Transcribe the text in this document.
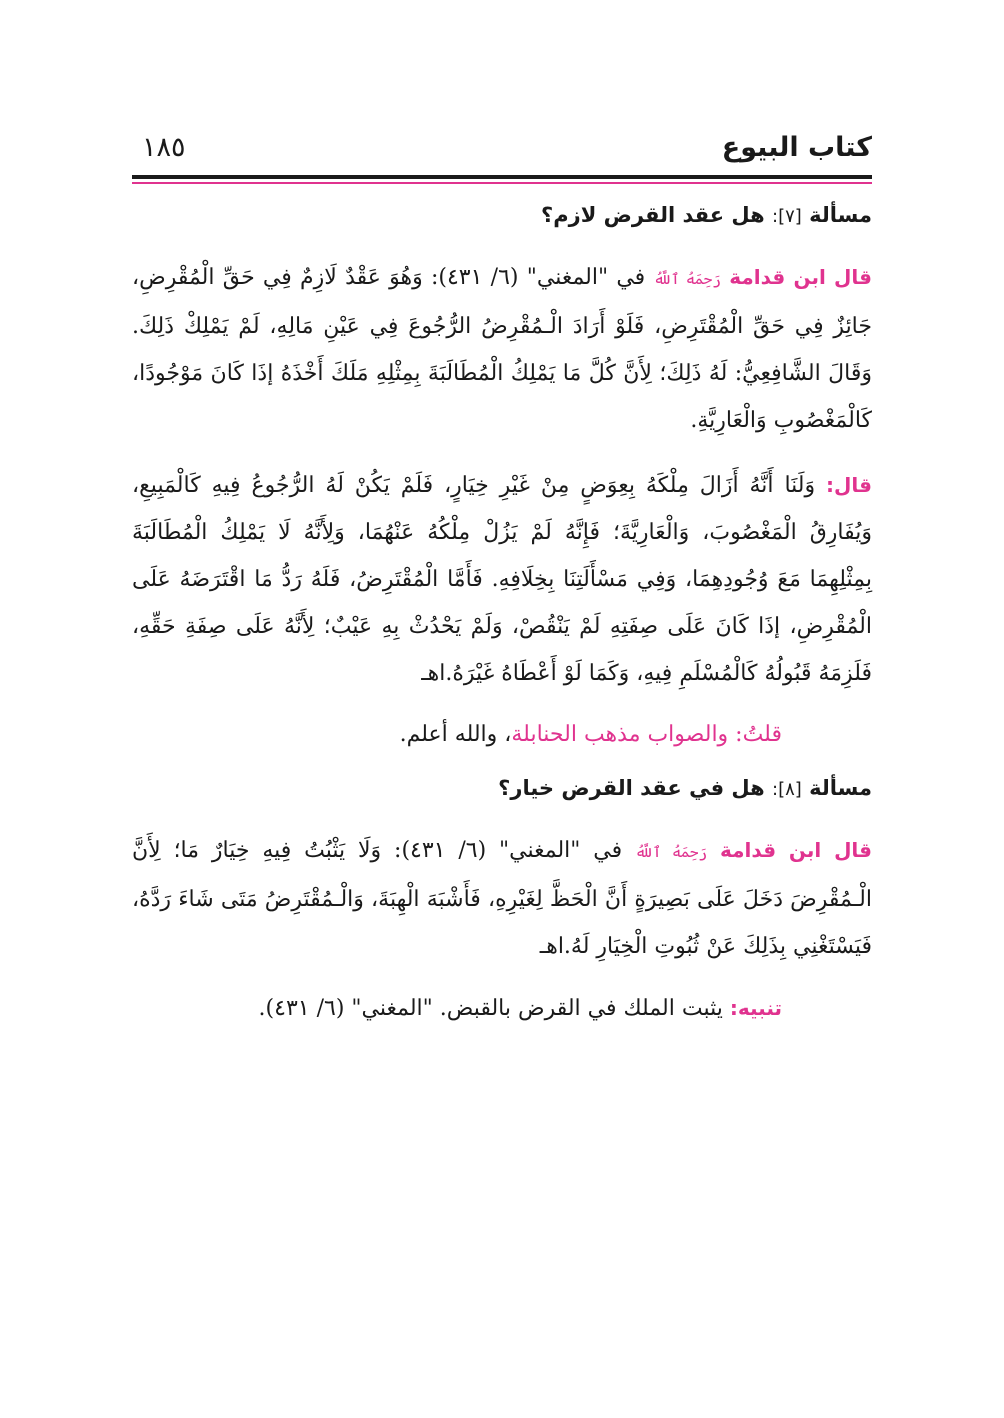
كتاب البيوع
١٨٥

مسألة [٧]: هل عقد القرض لازم؟

قال ابن قدامة رَحِمَهُ ٱللَّهُ في "المغني" (٦/ ٤٣١): وَهُوَ عَقْدٌ لَازِمٌ فِي حَقِّ الْمُقْرِضِ، جَائِزٌ فِي حَقِّ الْمُقْتَرِضِ، فَلَوْ أَرَادَ الْـمُقْرِضُ الرُّجُوعَ فِي عَيْنِ مَالِهِ، لَمْ يَمْلِكْ ذَلِكَ. وَقَالَ الشَّافِعِيُّ: لَهُ ذَلِكَ؛ لِأَنَّ كُلَّ مَا يَمْلِكُ الْمُطَالَبَةَ بِمِثْلِهِ مَلَكَ أَخْذَهُ إذَا كَانَ مَوْجُودًا، كَالْمَغْصُوبِ وَالْعَارِيَّةِ.

قال: وَلَنَا أَنَّهُ أَزَالَ مِلْكَهُ بِعِوَضٍ مِنْ غَيْرِ خِيَارٍ، فَلَمْ يَكُنْ لَهُ الرُّجُوعُ فِيهِ كَالْمَبِيعِ، وَيُفَارِقُ الْمَغْصُوبَ، وَالْعَارِيَّةَ؛ فَإِنَّهُ لَمْ يَزُلْ مِلْكُهُ عَنْهُمَا، وَلِأَنَّهُ لَا يَمْلِكُ الْمُطَالَبَةَ بِمِثْلِهِمَا مَعَ وُجُودِهِمَا، وَفِي مَسْأَلَتِنَا بِخِلَافِهِ. فَأَمَّا الْمُقْتَرِضُ، فَلَهُ رَدُّ مَا اقْتَرَضَهُ عَلَى الْمُقْرِضِ، إذَا كَانَ عَلَى صِفَتِهِ لَمْ يَنْقُصْ، وَلَمْ يَحْدُثْ بِهِ عَيْبٌ؛ لِأَنَّهُ عَلَى صِفَةِ حَقِّهِ، فَلَزِمَهُ قَبُولُهُ كَالْمُسْلَمِ فِيهِ، وَكَمَا لَوْ أَعْطَاهُ غَيْرَهُ.اهـ

قلتُ: والصواب مذهب الحنابلة، والله أعلم.

مسألة [٨]: هل في عقد القرض خيار؟

قال ابن قدامة رَحِمَهُ ٱللَّهُ في "المغني" (٦/ ٤٣١): وَلَا يَثْبُتُ فِيهِ خِيَارٌ مَا؛ لِأَنَّ الْـمُقْرِضَ دَخَلَ عَلَى بَصِيرَةٍ أَنَّ الْحَظَّ لِغَيْرِهِ، فَأَشْبَهَ الْهِبَةَ، وَالْـمُقْتَرِضُ مَتَى شَاءَ رَدَّهُ، فَيَسْتَغْنِي بِذَلِكَ عَنْ ثُبُوتِ الْخِيَارِ لَهُ.اهـ

تنبيه: يثبت الملك في القرض بالقبض. "المغني" (٦/ ٤٣١).
